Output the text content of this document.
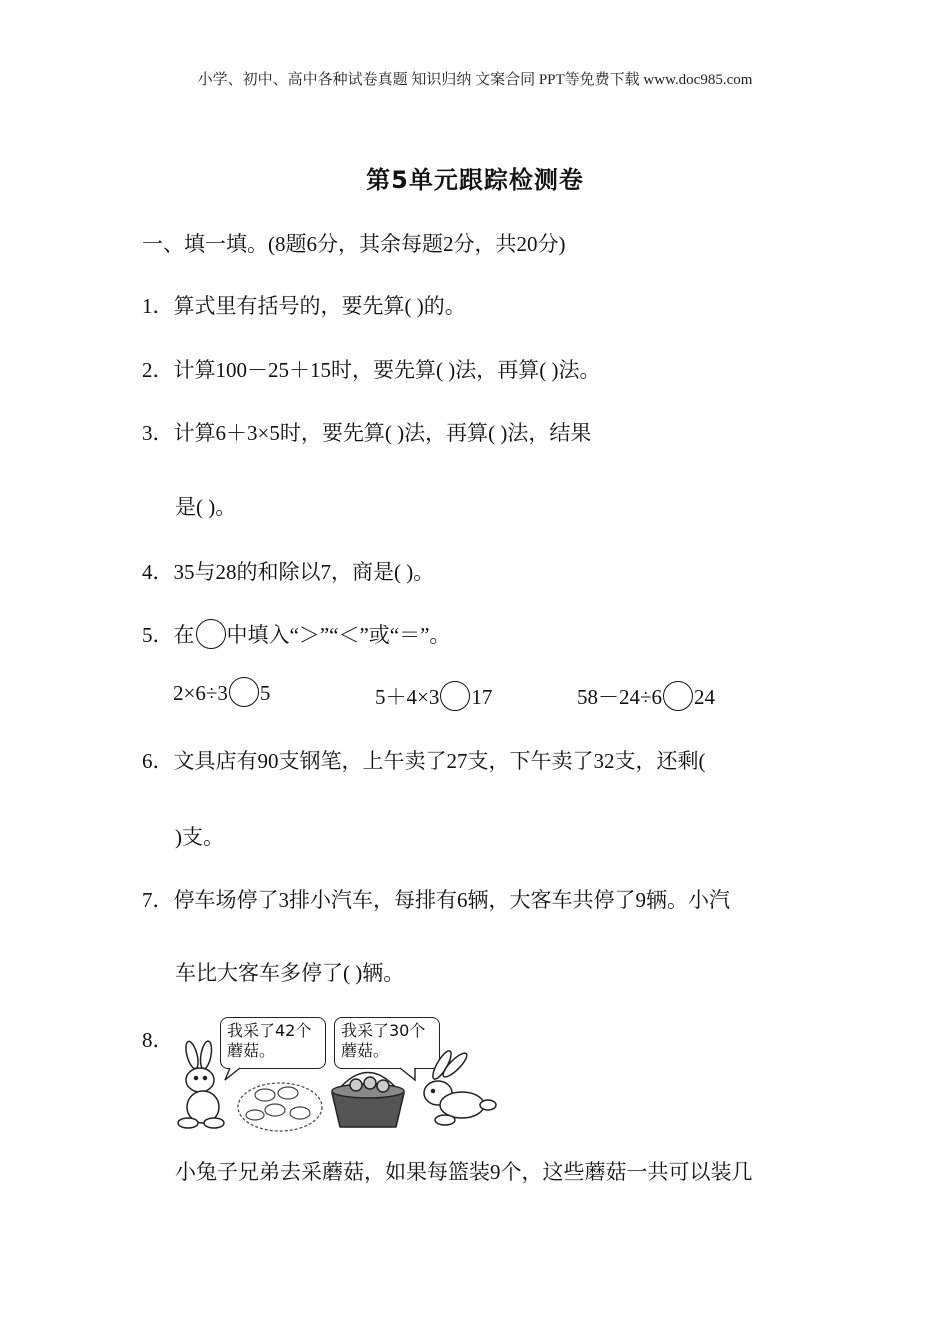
小学、初中、高中各种试卷真题 知识归纳 文案合同 PPT等免费下载 www.doc985.com
第5单元跟踪检测卷
一、填一填。(8题6分，其余每题2分，共20分)
1．算式里有括号的，要先算( )的。
2．计算100－25＋15时，要先算( )法，再算( )法。
3．计算6＋3×5时，要先算( )法，再算( )法，结果
是( )。
4．35与28的和除以7，商是( )。
5．在 中填入“＞”“＜”或“＝”。
2×6÷3 5	5＋4×3 17	58－24÷6 24
6．文具店有90支钢笔，上午卖了27支，下午卖了32支，还剩(
)支。
7．停车场停了3排小汽车，每排有6辆，大客车共停了9辆。小汽
车比大客车多停了( )辆。
8．	我采了42个
蘑菇。
我采了30个
蘑菇。
小兔子兄弟去采蘑菇，如果每篮装9个，这些蘑菇一共可以装几
